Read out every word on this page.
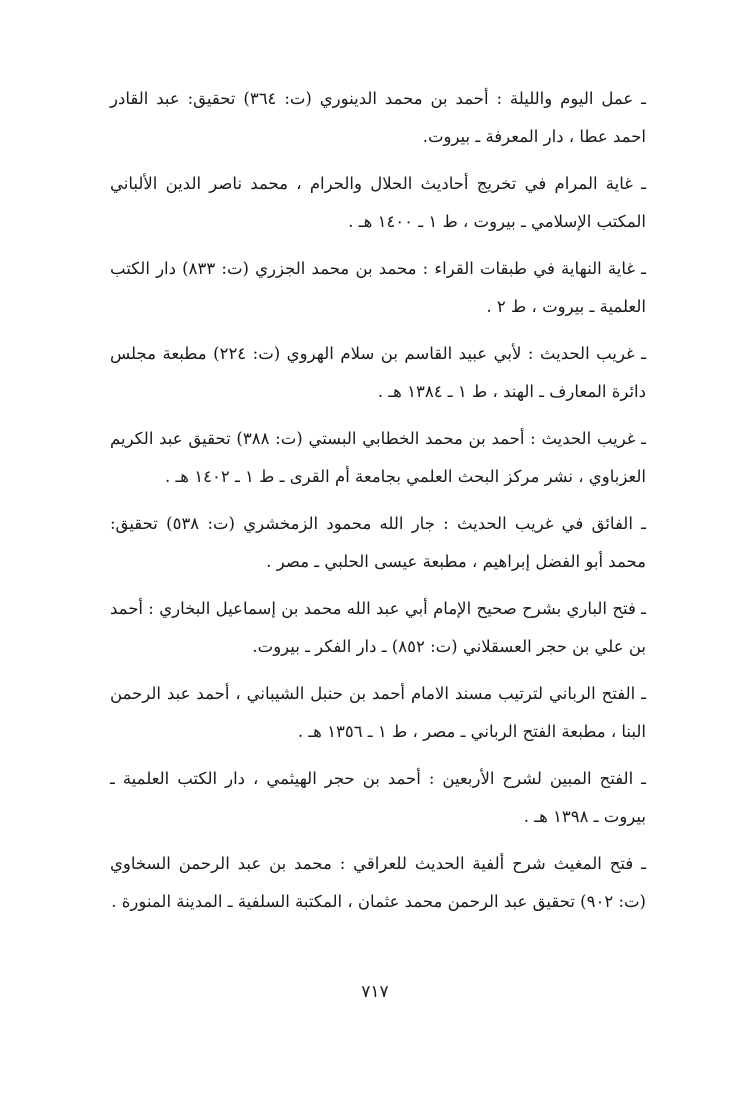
ـ عمل اليوم والليلة : أحمد بن محمد الدينوري (ت: ٣٦٤) تحقيق: عبد القادر احمد عطا ، دار المعرفة ـ بيروت.

ـ غاية المرام في تخريج أحاديث الحلال والحرام ، محمد ناصر الدين الألباني المكتب الإسلامي ـ بيروت ، ط ١ ـ ١٤٠٠ هـ .

ـ غاية النهاية في طبقات القراء : محمد بن محمد الجزري (ت: ٨٣٣) دار الكتب العلمية ـ بيروت ، ط ٢ .

ـ غريب الحديث : لأبي عبيد القاسم بن سلام الهروي (ت: ٢٢٤) مطبعة مجلس دائرة المعارف ـ الهند ، ط ١ ـ ١٣٨٤ هـ .

ـ غريب الحديث : أحمد بن محمد الخطابي البستي (ت: ٣٨٨) تحقيق عبد الكريم العزباوي ، نشر مركز البحث العلمي بجامعة أم القرى ـ ط ١ ـ ١٤٠٢ هـ .

ـ الفائق في غريب الحديث : جار الله محمود الزمخشري (ت: ٥٣٨) تحقيق: محمد أبو الفضل إبراهيم ، مطبعة عيسى الحلبي ـ مصر .

ـ فتح الباري بشرح صحيح الإمام أبي عبد الله محمد بن إسماعيل البخاري : أحمد بن علي بن حجر العسقلاني (ت: ٨٥٢) ـ دار الفكر ـ بيروت.

ـ الفتح الرباني لترتيب مسند الامام أحمد بن حنبل الشيباني ، أحمد عبد الرحمن البنا ، مطبعة الفتح الرباني ـ مصر ، ط ١ ـ ١٣٥٦ هـ .

ـ الفتح المبين لشرح الأربعين : أحمد بن حجر الهيثمي ، دار الكتب العلمية ـ بيروت ـ ١٣٩٨ هـ .

ـ فتح المغيث شرح ألفية الحديث للعراقي : محمد بن عبد الرحمن السخاوي (ت: ٩٠٢) تحقيق عبد الرحمن محمد عثمان ، المكتبة السلفية ـ المدينة المنورة .

٧١٧
